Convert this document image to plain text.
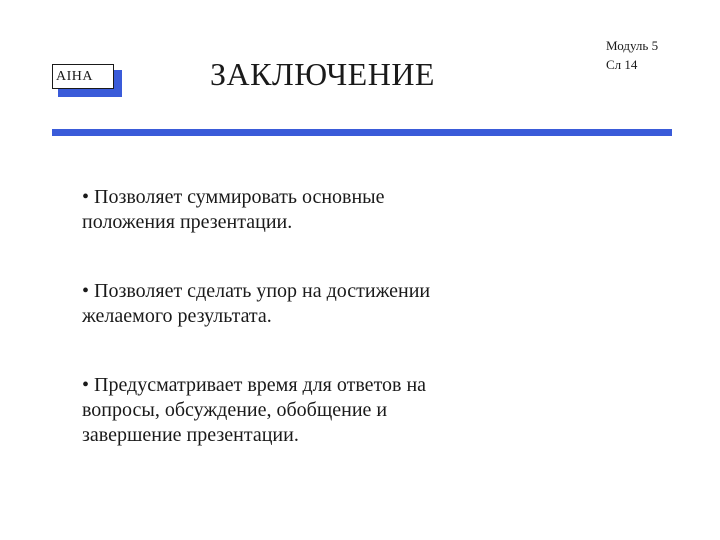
AIHA	ЗАКЛЮЧЕНИЕ
Модуль 5
Сл 14
• Позволяет суммировать основные
положения презентации.
• Позволяет сделать упор на достижении
желаемого результата.
• Предусматривает время для ответов на
вопросы, обсуждение, обобщение и
завершение презентации.
